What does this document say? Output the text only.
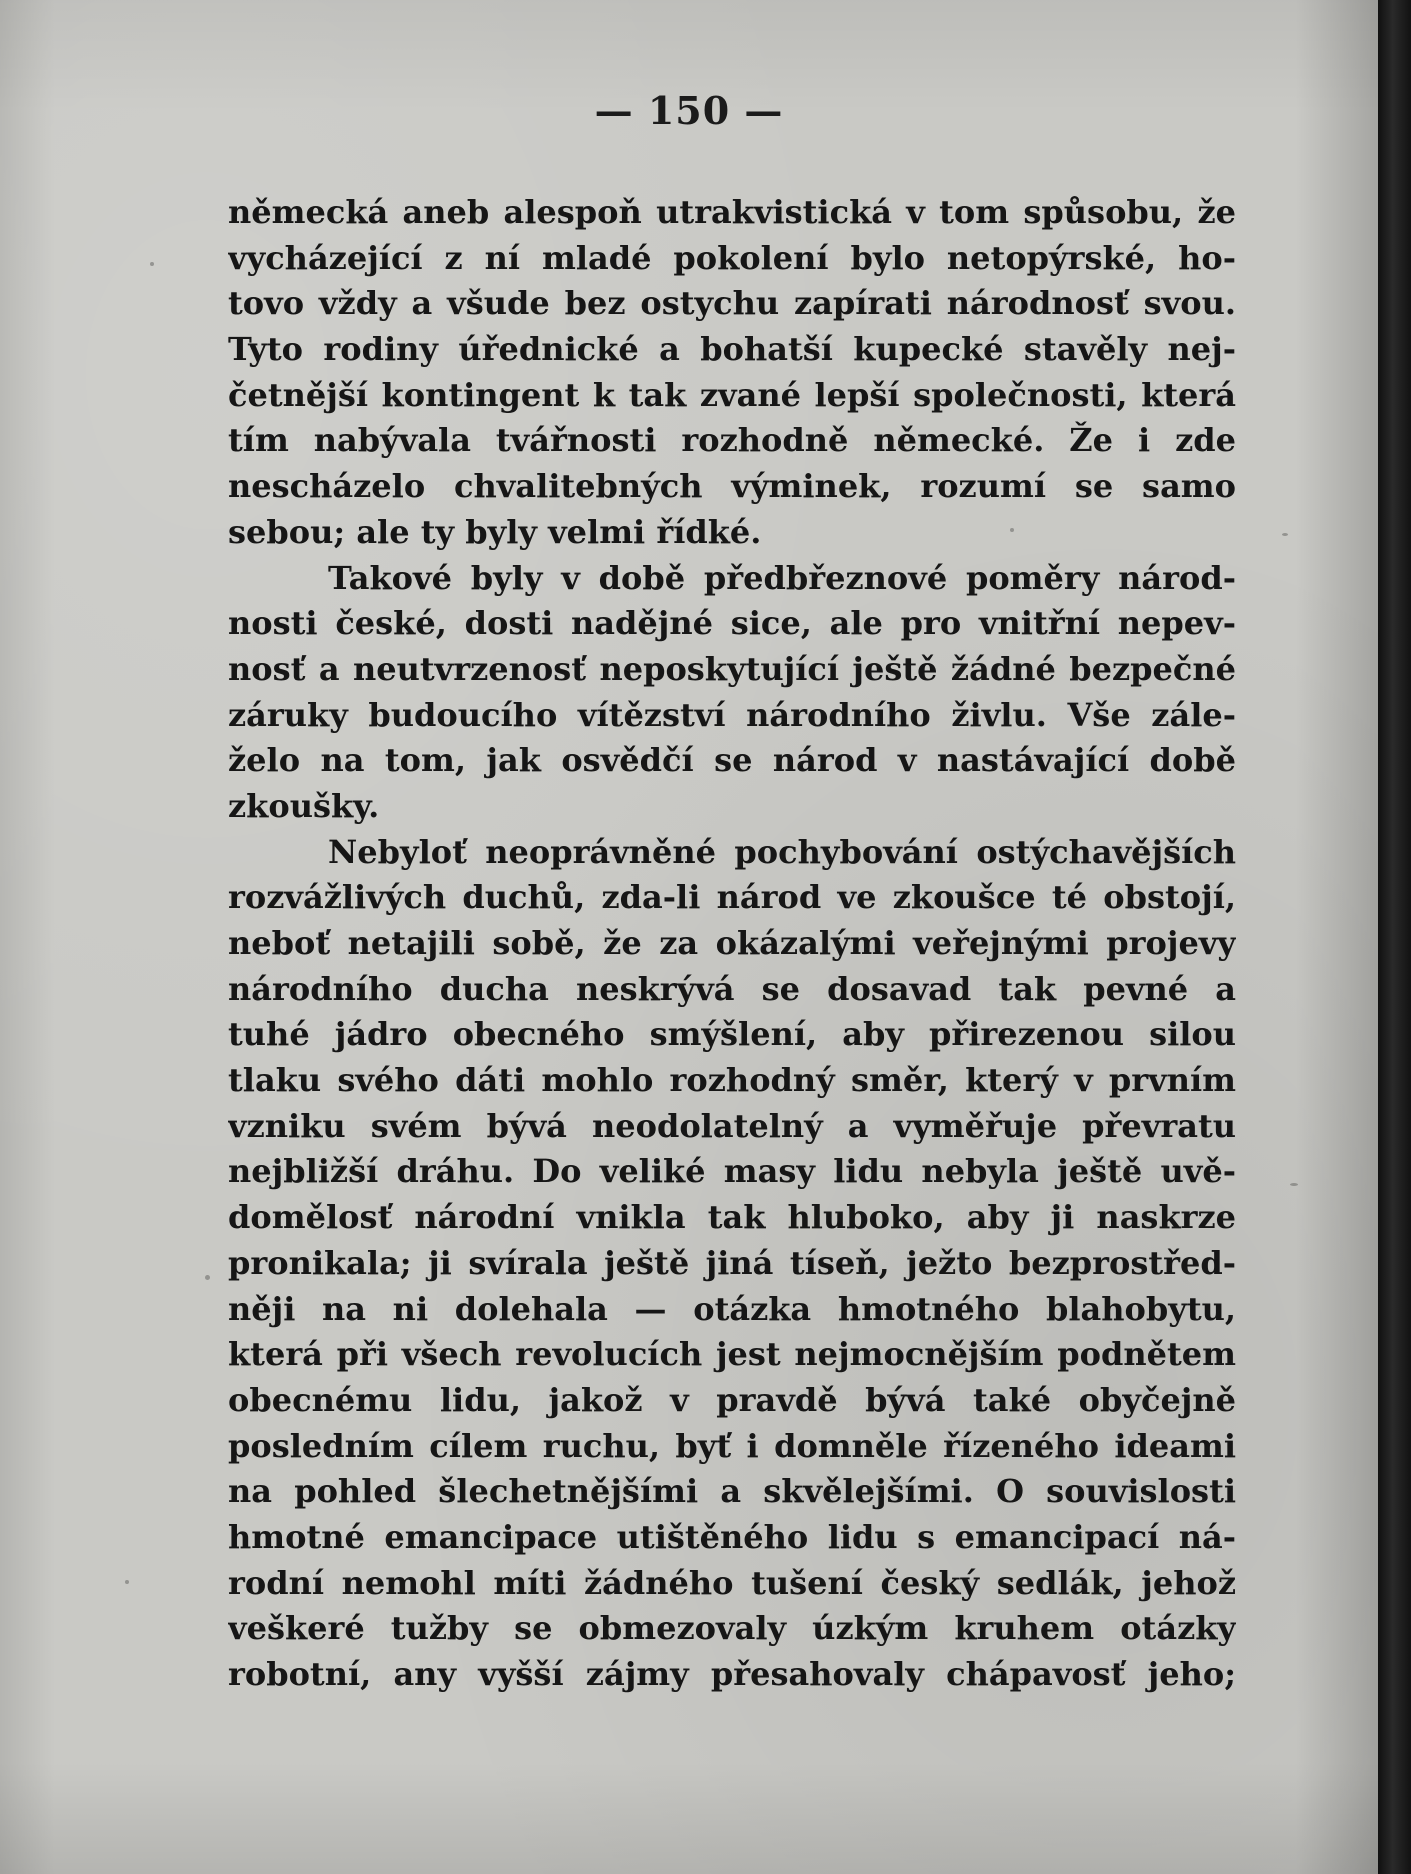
— 150 —
německá aneb alespoň utrakvistická v tom spůsobu, že
vycházející z ní mladé pokolení bylo netopýrské, ho-
tovo vždy a všude bez ostychu zapírati národnosť svou.
Tyto rodiny úřednické a bohatší kupecké stavěly nej-
četnější kontingent k tak zvané lepší společnosti, která
tím nabývala tvářnosti rozhodně německé. Že i zde
nescházelo chvalitebných výminek, rozumí se samo
sebou; ale ty byly velmi řídké.
Takové byly v době předbřeznové poměry národ-
nosti české, dosti nadějné sice, ale pro vnitřní nepev-
nosť a neutvrzenosť neposkytující ještě žádné bezpečné
záruky budoucího vítězství národního živlu. Vše zále-
želo na tom, jak osvědčí se národ v nastávající době
zkoušky.
Nebyloť neoprávněné pochybování ostýchavějších
rozvážlivých duchů, zda-li národ ve zkoušce té obstojí,
neboť netajili sobě, že za okázalými veřejnými projevy
národního ducha neskrývá se dosavad tak pevné a
tuhé jádro obecného smýšlení, aby přirezenou silou
tlaku svého dáti mohlo rozhodný směr, který v prvním
vzniku svém bývá neodolatelný a vyměřuje převratu
nejbližší dráhu. Do veliké masy lidu nebyla ještě uvě-
domělosť národní vnikla tak hluboko, aby ji naskrze
pronikala; ji svírala ještě jiná tíseň, ježto bezprostřed-
něji na ni dolehala — otázka hmotného blahobytu,
která při všech revolucích jest nejmocnějším podnětem
obecnému lidu, jakož v pravdě bývá také obyčejně
posledním cílem ruchu, byť i domněle řízeného ideami
na pohled šlechetnějšími a skvělejšími. O souvislosti
hmotné emancipace utištěného lidu s emancipací ná-
rodní nemohl míti žádného tušení český sedlák, jehož
veškeré tužby se obmezovaly úzkým kruhem otázky
robotní, any vyšší zájmy přesahovaly chápavosť jeho;
